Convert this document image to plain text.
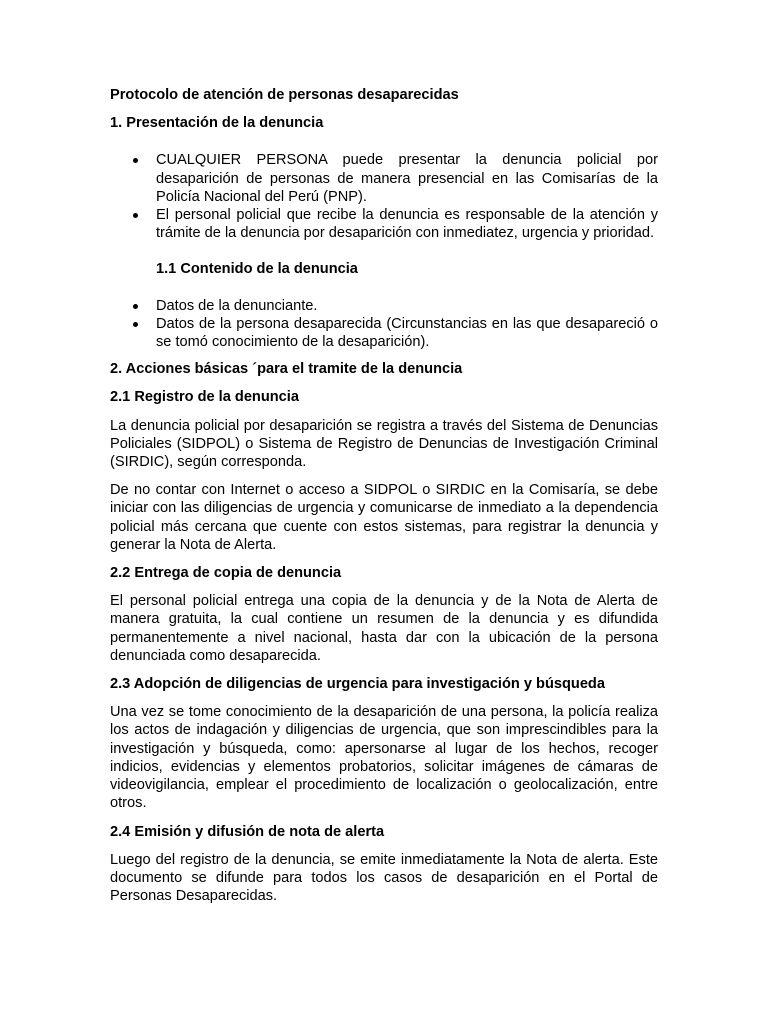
Protocolo de atención de personas desaparecidas
1. Presentación de la denuncia
CUALQUIER PERSONA puede presentar la denuncia policial por desaparición de personas de manera presencial en las Comisarías de la Policía Nacional del Perú (PNP).
El personal policial que recibe la denuncia es responsable de la atención y trámite de la denuncia por desaparición con inmediatez, urgencia y prioridad.
1.1 Contenido de la denuncia
Datos de la denunciante.
Datos de la persona desaparecida (Circunstancias en las que desapareció o se tomó conocimiento de la desaparición).
2. Acciones básicas ´para el tramite de la denuncia
2.1 Registro de la denuncia

La denuncia policial por desaparición se registra a través del Sistema de Denuncias Policiales (SIDPOL) o Sistema de Registro de Denuncias de Investigación Criminal (SIRDIC), según corresponda.

De no contar con Internet o acceso a SIDPOL o SIRDIC en la Comisaría, se debe iniciar con las diligencias de urgencia y comunicarse de inmediato a la dependencia policial más cercana que cuente con estos sistemas, para registrar la denuncia y generar la Nota de Alerta.

2.2 Entrega de copia de denuncia

El personal policial entrega una copia de la denuncia y de la Nota de Alerta de manera gratuita, la cual contiene un resumen de la denuncia y es difundida permanentemente a nivel nacional, hasta dar con la ubicación de la persona denunciada como desaparecida.

2.3 Adopción de diligencias de urgencia para investigación y búsqueda

Una vez se tome conocimiento de la desaparición de una persona, la policía realiza los actos de indagación y diligencias de urgencia, que son imprescindibles para la investigación y búsqueda, como: apersonarse al lugar de los hechos, recoger indicios, evidencias y elementos probatorios, solicitar imágenes de cámaras de videovigilancia, emplear el procedimiento de localización o geolocalización, entre otros.

2.4 Emisión y difusión de nota de alerta

Luego del registro de la denuncia, se emite inmediatamente la Nota de alerta. Este documento se difunde para todos los casos de desaparición en el Portal de Personas Desaparecidas.
